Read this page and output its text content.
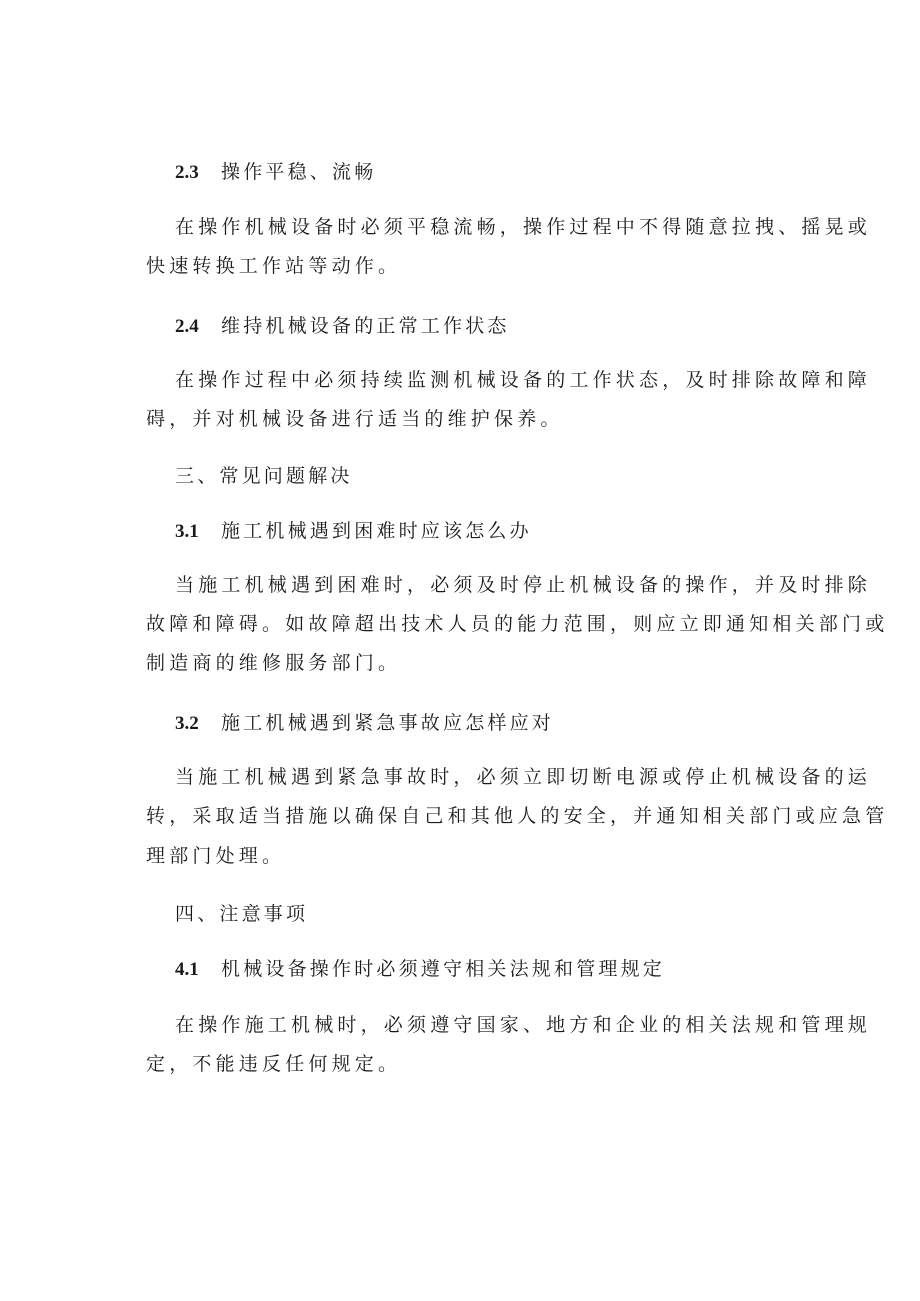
2.3 操作平稳、流畅
在操作机械设备时必须平稳流畅，操作过程中不得随意拉拽、摇晃或
快速转换工作站等动作。
2.4 维持机械设备的正常工作状态
在操作过程中必须持续监测机械设备的工作状态，及时排除故障和障
碍，并对机械设备进行适当的维护保养。
三、常见问题解决
3.1 施工机械遇到困难时应该怎么办
当施工机械遇到困难时，必须及时停止机械设备的操作，并及时排除
故障和障碍。如故障超出技术人员的能力范围，则应立即通知相关部门或
制造商的维修服务部门。
3.2 施工机械遇到紧急事故应怎样应对
当施工机械遇到紧急事故时，必须立即切断电源或停止机械设备的运
转，采取适当措施以确保自己和其他人的安全，并通知相关部门或应急管
理部门处理。
四、注意事项
4.1 机械设备操作时必须遵守相关法规和管理规定
在操作施工机械时，必须遵守国家、地方和企业的相关法规和管理规
定，不能违反任何规定。
